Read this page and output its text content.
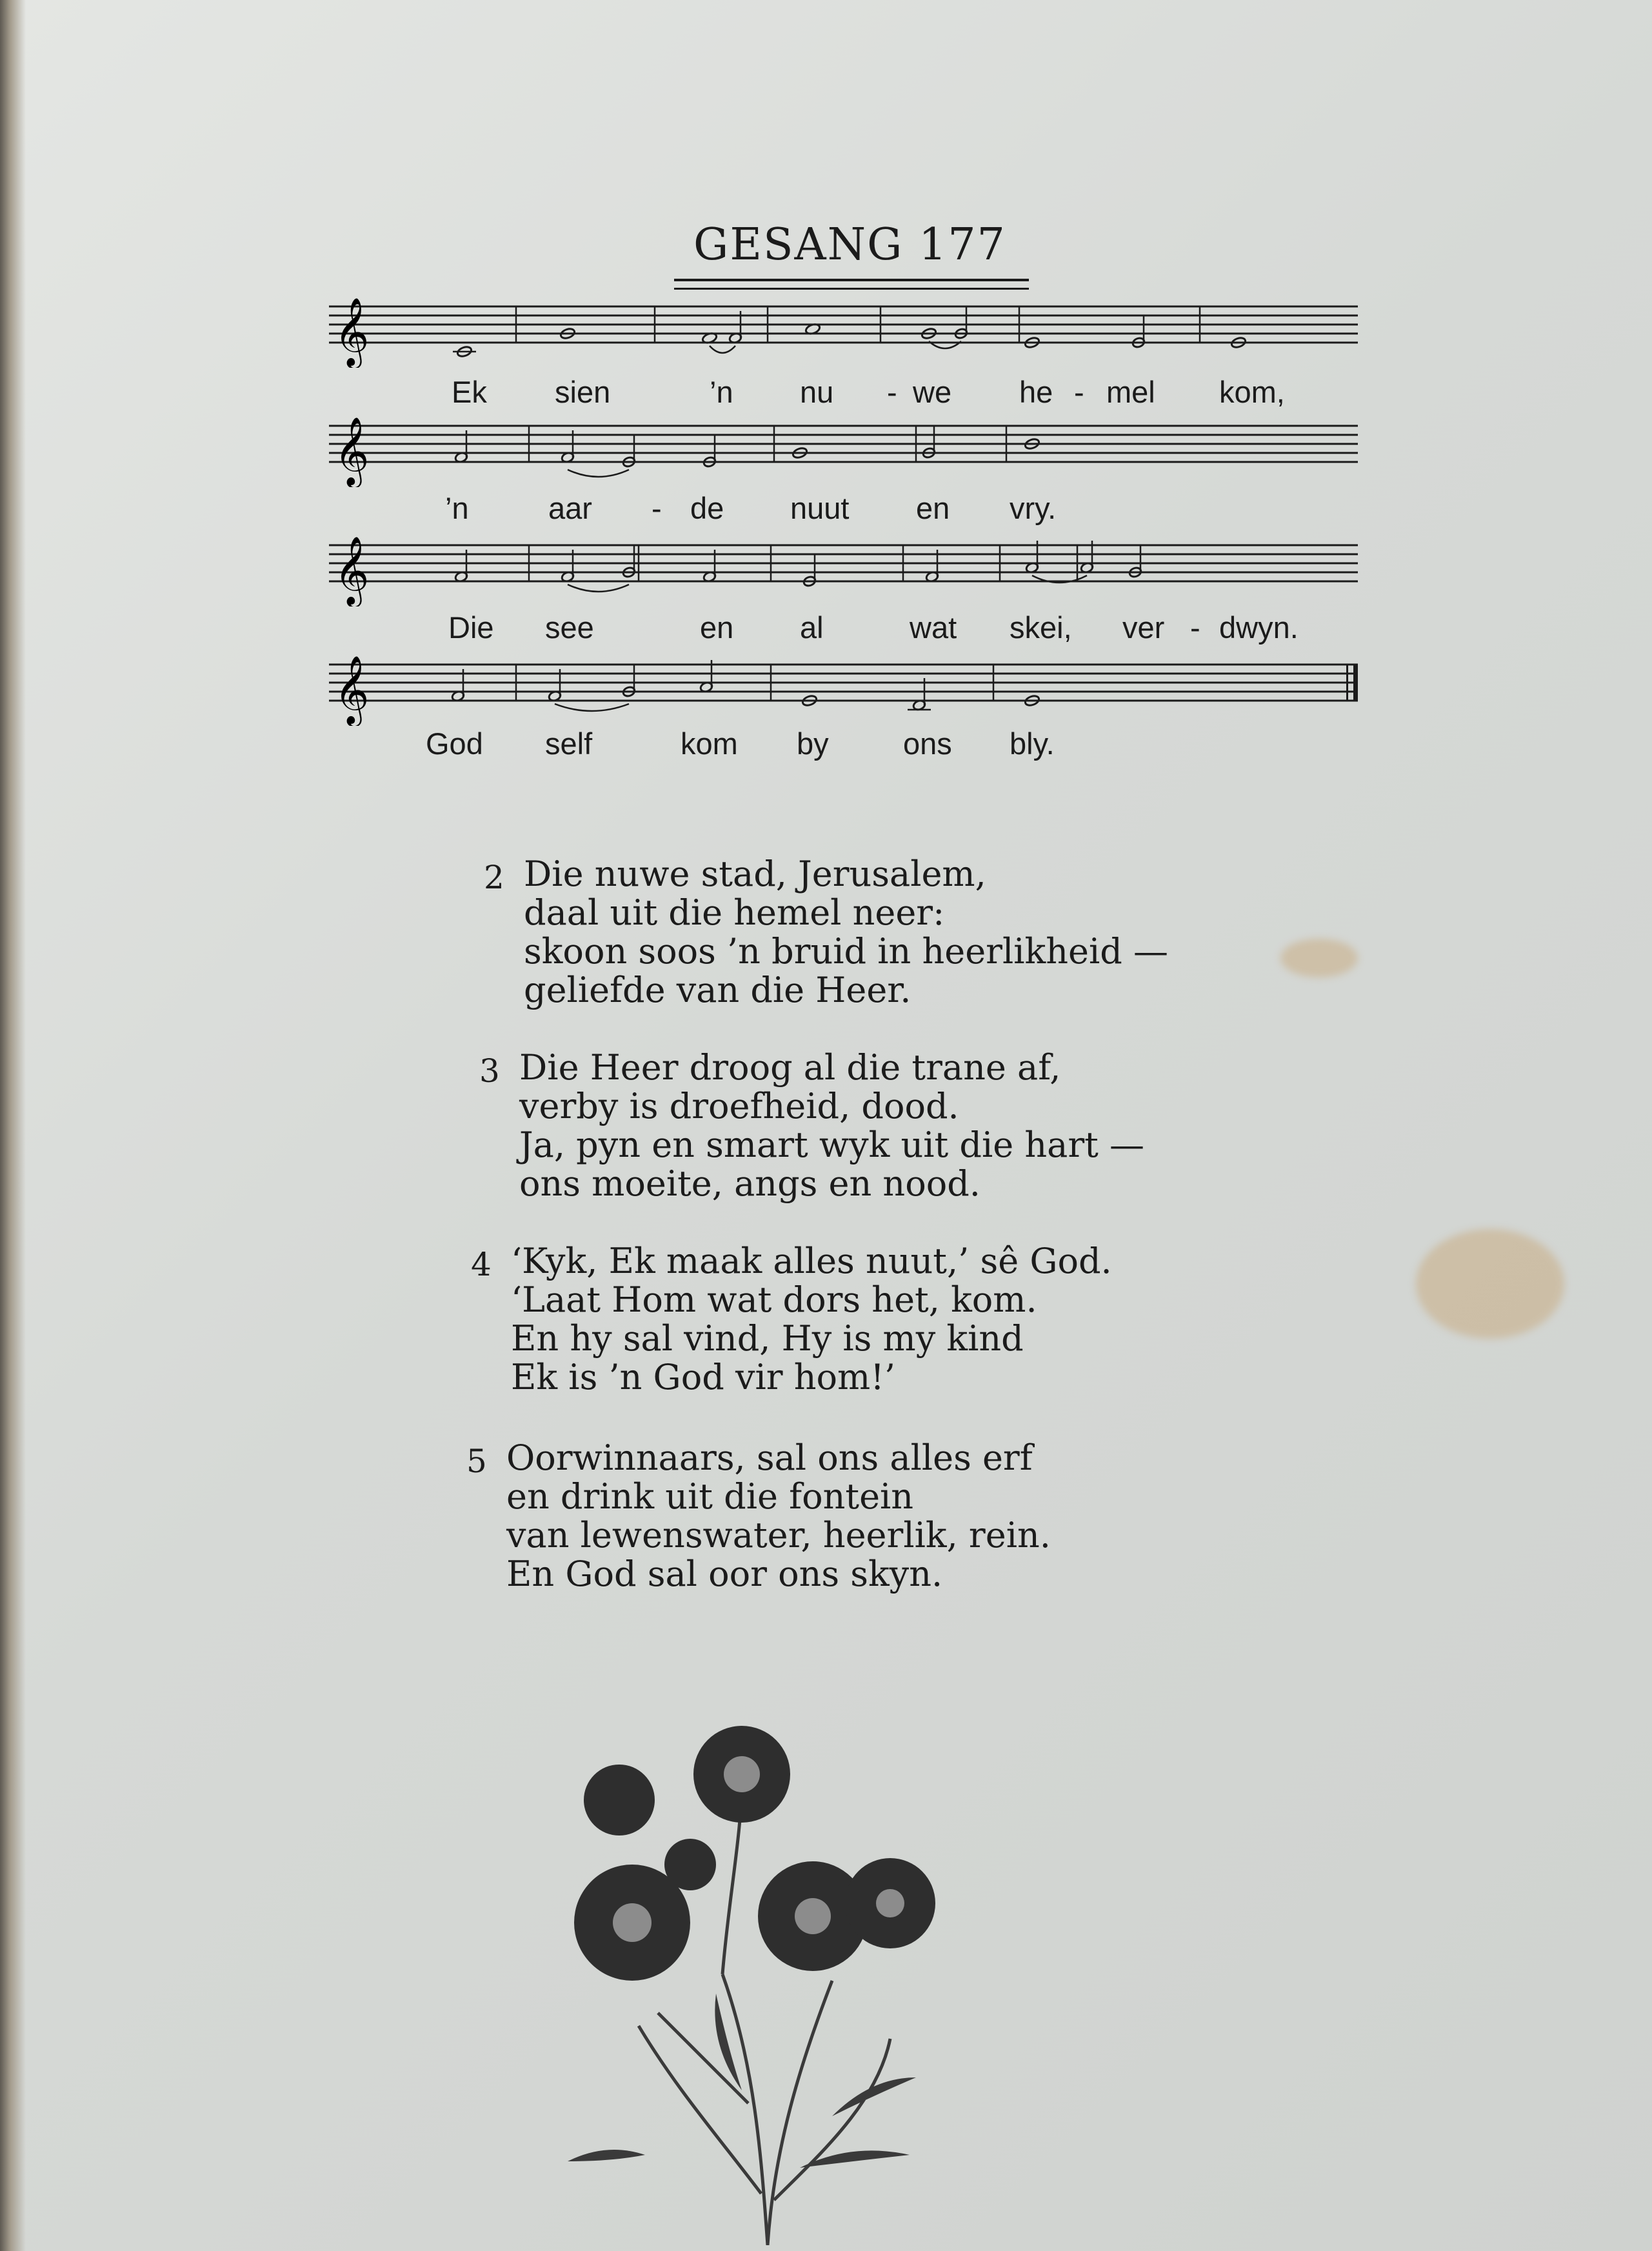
GESANG 177
𝄞
Ek sien	’n nu - we he - mel kom,
𝄞
’n	aar - de nuut en vry.
𝄞
Die see	en al	wat skei, ver - dwyn.
𝄞
God self	kom by ons bly.
2 Die nuwe stad, Jerusalem,
daal uit die hemel neer:
skoon soos ’n bruid in heerlikheid —
geliefde van die Heer.
3 Die Heer droog al die trane af,
verby is droefheid, dood.
Ja, pyn en smart wyk uit die hart —
ons moeite, angs en nood.
4 ‘Kyk, Ek maak alles nuut,’ sê God.
‘Laat Hom wat dors het, kom.
En hy sal vind, Hy is my kind
Ek is ’n God vir hom!’
5 Oorwinnaars, sal ons alles erf
en drink uit die fontein
van lewenswater, heerlik, rein.
En God sal oor ons skyn.
